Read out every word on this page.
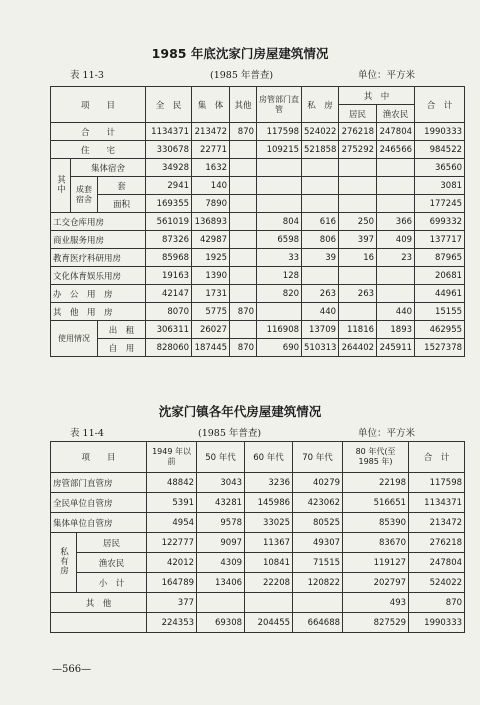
1985 年底沈家门房屋建筑情况
表 11-3	(1985 年普查)	单位：平方米
项　　目			全　民	集　体	其他	房管部门直管	私　房	其　中		合　计
								居民	渔农民	
合　　计			1134371	213472	870	117598	524022	276218	247804	1990333
住　　宅			330678	22771		109215	521858	275292	246566	984522
其中	集体宿舍		34928	1632						36560
	成套宿舍	套	2941	140						3081
		面积	169355	7890						177245
工交仓库用房			561019	136893		804	616	250	366	699332
商业服务用房			87326	42987		6598	806	397	409	137717
教育医疗科研用房			85968	1925		33	39	16	23	87965
文化体育娱乐用房			19163	1390		128				20681
办　公　用　房			42147	1731		820	263	263		44961
其　他　用　房			8070	5775	870		440		440	15155
使用情况		出　租	306311	26027		116908	13709	11816	1893	462955
		自　用	828060	187445	870	690	510313	264402	245911	1527378
沈家门镇各年代房屋建筑情况
表 11-4	(1985 年普查)	单位：平方米
项　　目		1949 年以　前	50 年代	60 年代	70 年代	80 年代(至 1985 年)	合　计
房管部门直管房		48842	3043	3236	40279	22198	117598
全民单位自管房		5391	43281	145986	423062	516651	1134371
集体单位自管房		4954	9578	33025	80525	85390	213472
私有房	居民	122777	9097	11367	49307	83670	276218
	渔农民	42012	4309	10841	71515	119127	247804
	小　计	164789	13406	22208	120822	202797	524022
其　他		377				493	870
		224353	69308	204455	664688	827529	1990333
—566—
